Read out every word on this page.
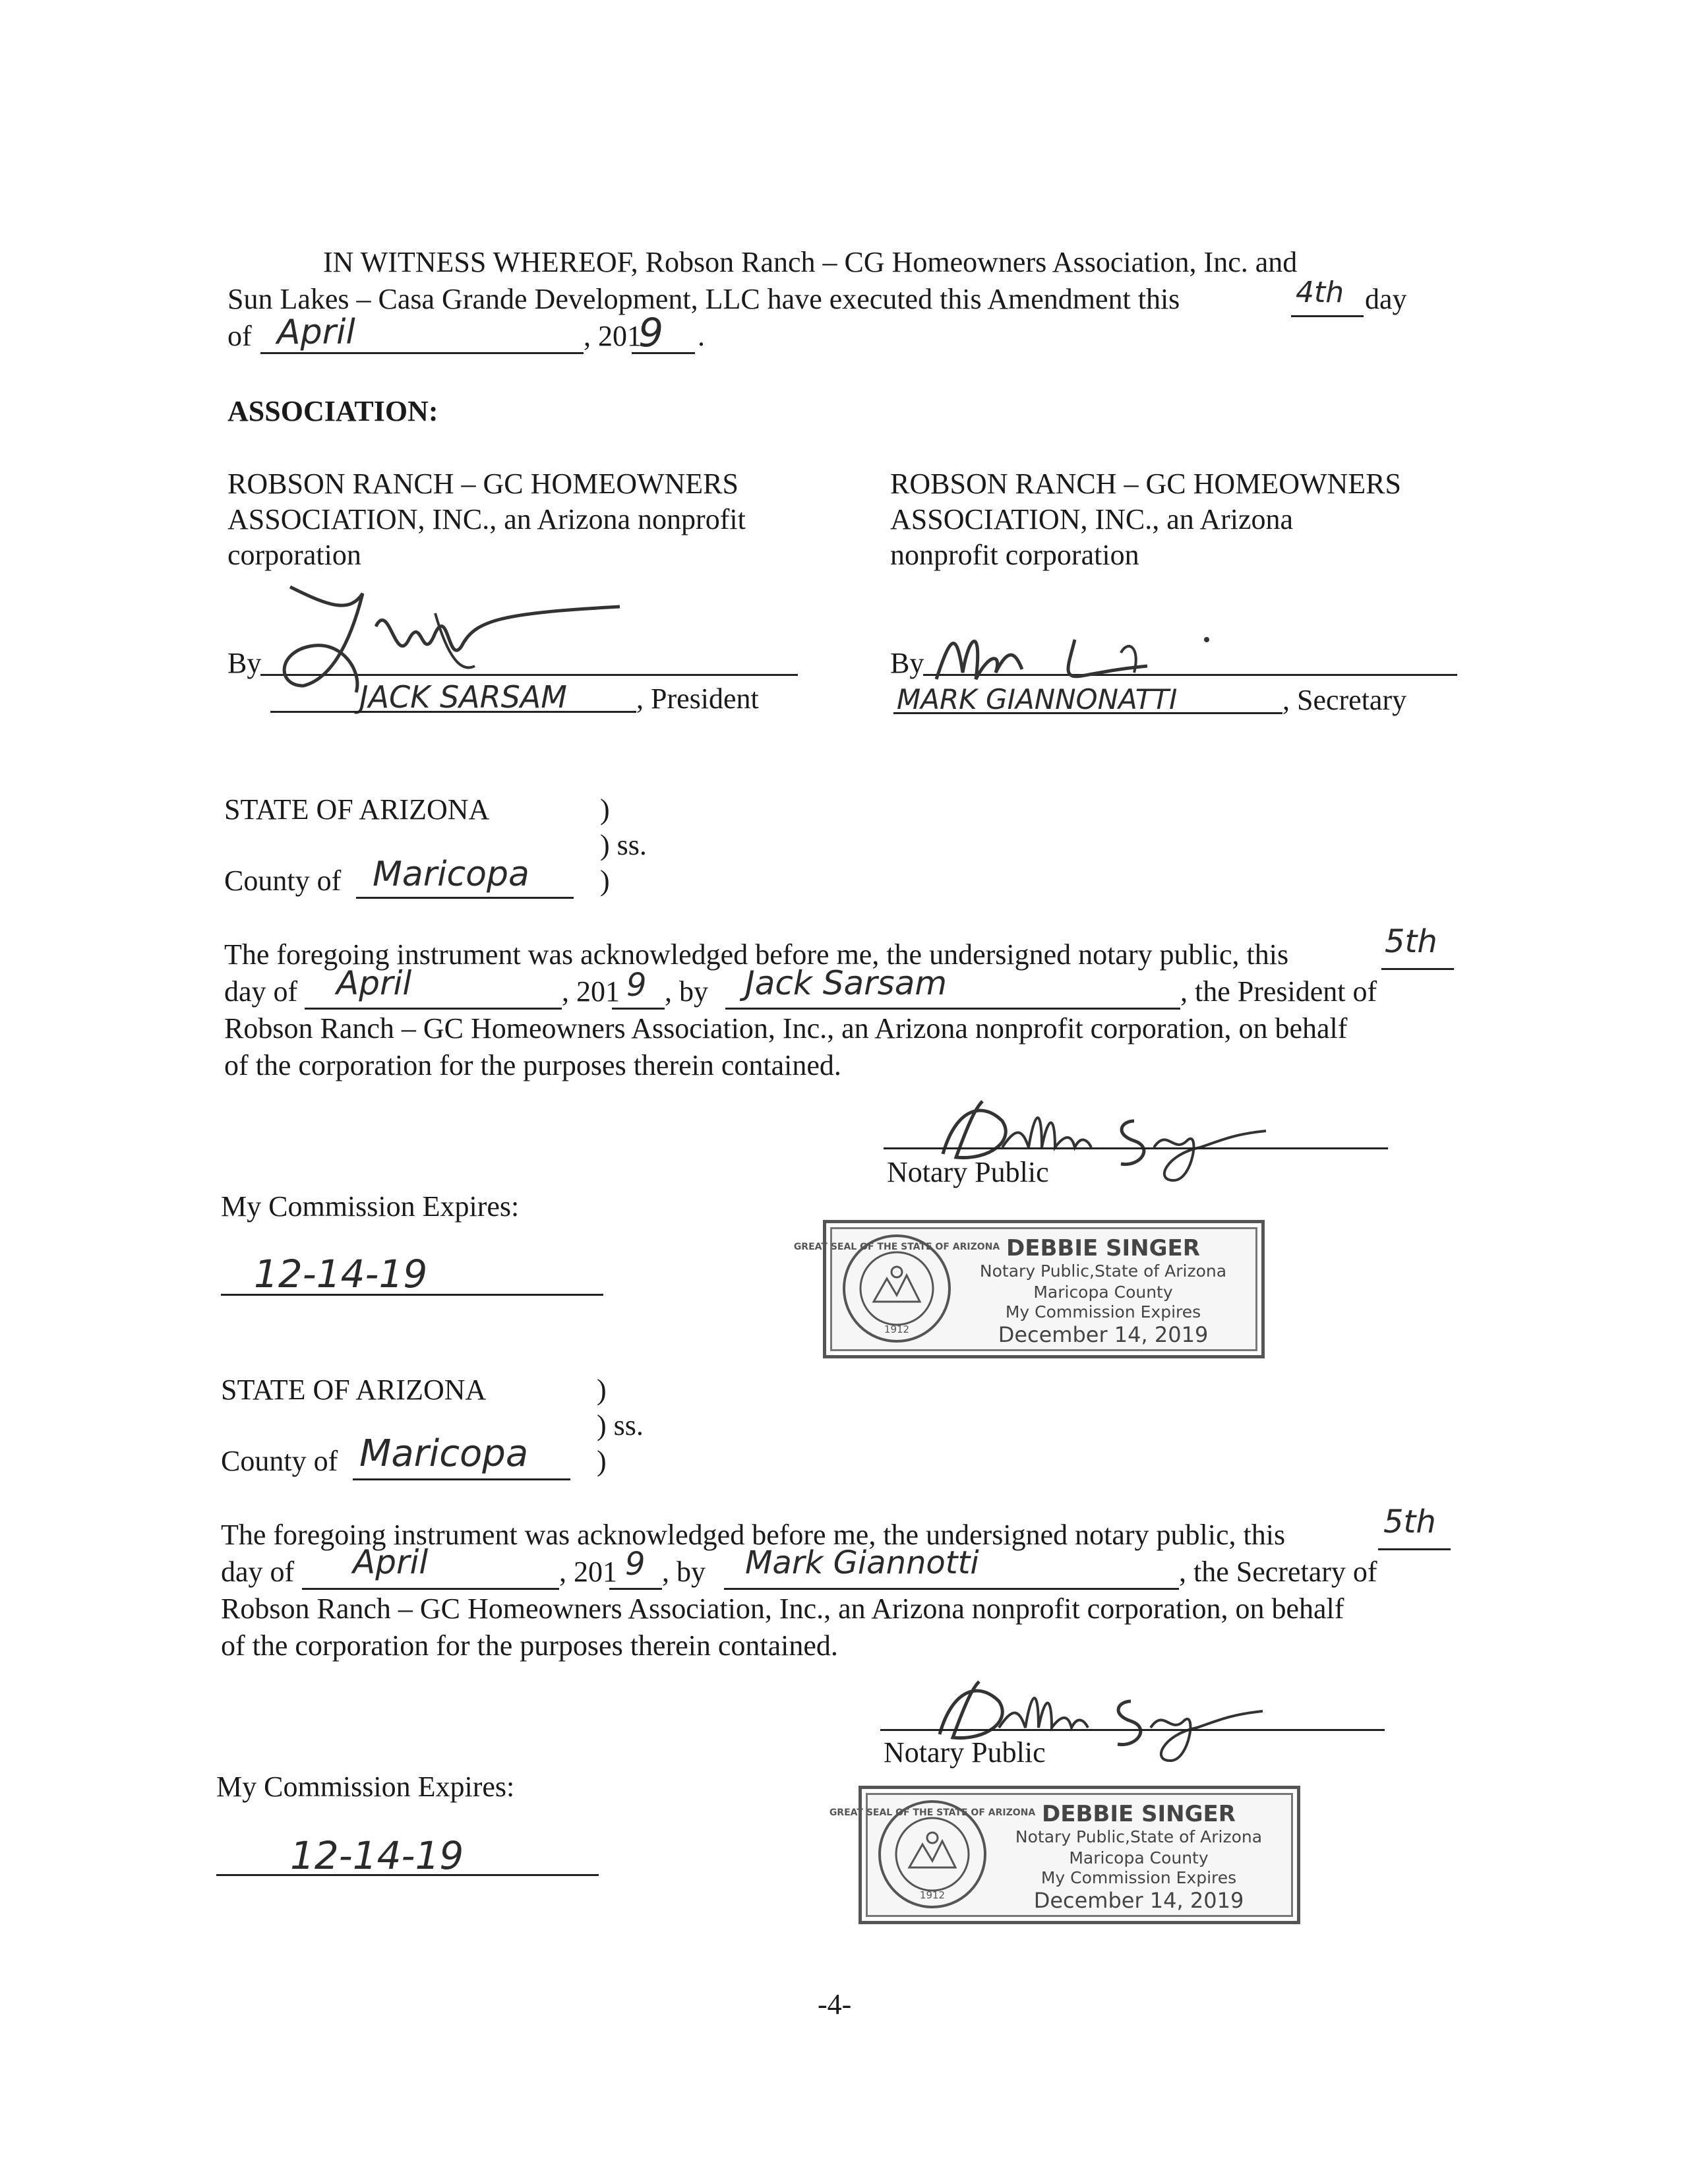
IN WITNESS WHEREOF, Robson Ranch – CG Homeowners Association, Inc. and
Sun Lakes – Casa Grande Development, LLC have executed this Amendment this	4th day
of April	, 201
9 .
ASSOCIATION:
ROBSON RANCH – GC HOMEOWNERS
ASSOCIATION, INC., an Arizona nonprofit
corporation
By
JACK SARSAM , President
ROBSON RANCH – GC HOMEOWNERS
ASSOCIATION, INC., an Arizona
nonprofit corporation
By
MARK GIANNONATTI	, Secretary
STATE OF ARIZONA	)
) ss.
County of Maricopa )
The foregoing instrument was acknowledged before me, the undersigned notary public, this	5th
day of April	, 201 9 , by Jack Sarsam	, the President of
Robson Ranch – GC Homeowners Association, Inc., an Arizona nonprofit corporation, on behalf
of the corporation for the purposes therein contained.
Notary Public
My Commission Expires:
12-14-19
GREAT SEAL OF THE STATE OF ARIZONA
1912
DEBBIE SINGER
Notary Public,State of Arizona
Maricopa County
My Commission Expires
December 14, 2019
STATE OF ARIZONA	)
) ss.
County of Maricopa )
The foregoing instrument was acknowledged before me, the undersigned notary public, this	5th
day of April	, 201 9 , by Mark Giannotti	, the Secretary of
Robson Ranch – GC Homeowners Association, Inc., an Arizona nonprofit corporation, on behalf
of the corporation for the purposes therein contained.
Notary Public
My Commission Expires:
12-14-19
GREAT SEAL OF THE STATE OF ARIZONA
1912
DEBBIE SINGER
Notary Public,State of Arizona
Maricopa County
My Commission Expires
December 14, 2019
-4-
